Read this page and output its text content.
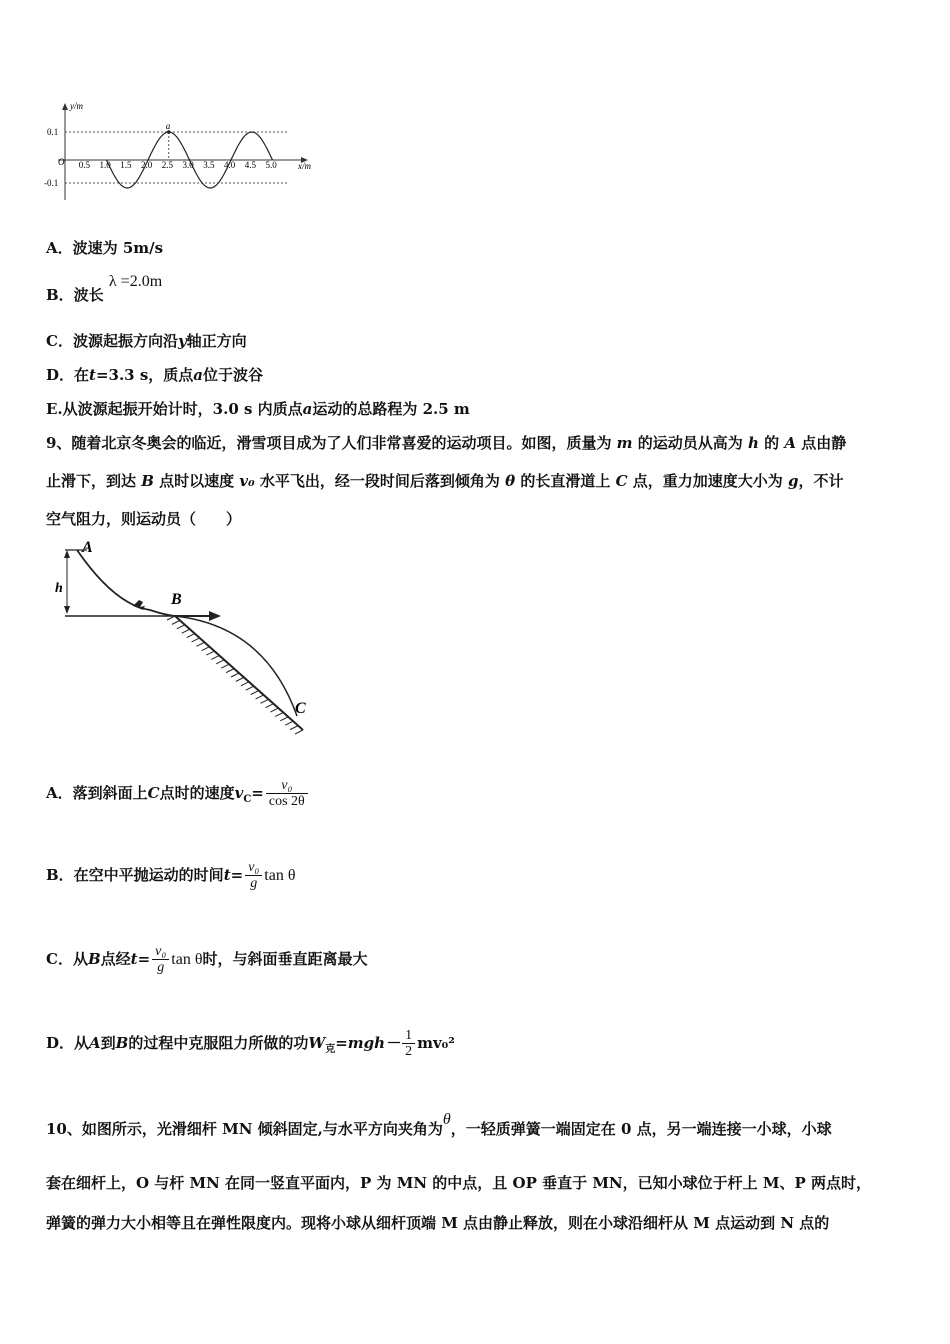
y/m
x/m
O
0.1
-0.1
0.5 1.0 1.5 2.0 2.5 3.0 3.5 4.0 4.5 5.0
a
A．波速为 5m/s
B．波长 λ =2.0m
C．波源起振方向沿y轴正方向
D．在t=3.3 s，质点a位于波谷
E.从波源起振开始计时，3.0 s 内质点a运动的总路程为 2.5 m
9、随着北京冬奥会的临近，滑雪项目成为了人们非常喜爱的运动项目。如图，质量为 m 的运动员从高为 h 的 A 点由静
止滑下，到达 B 点时以速度 v₀ 水平飞出，经一段时间后落到倾角为 θ 的长直滑道上 C 点，重力加速度大小为 g，不计
空气阻力，则运动员（　　）
h
A
B
C
A．落到斜面上C点时的速度$v_C= \frac{\text{v₀}}{\cos 2\theta}$
B．在空中平抛运动的时间$t= \frac{\text{v₀}}{g}$ tan θ
C．从B点经$t= \frac{\text{v₀}}{g}$ tan θ时，与斜面垂直距离最大
D．从A到B的过程中克服阻力所做的功$W_克=mgh- \frac{1}{2} mv_0^2$
10、如图所示，光滑细杆 MN 倾斜固定,与水平方向夹角为θ，一轻质弹簧一端固定在 0 点，另一端连接一小球，小球
套在细杆上，O 与杆 MN 在同一竖直平面内，P 为 MN 的中点，且 OP 垂直于 MN，已知小球位于杆上 M、P 两点时，
弹簧的弹力大小相等且在弹性限度内。现将小球从细杆顶端 M 点由静止释放，则在小球沿细杆从 M 点运动到 N 点的
